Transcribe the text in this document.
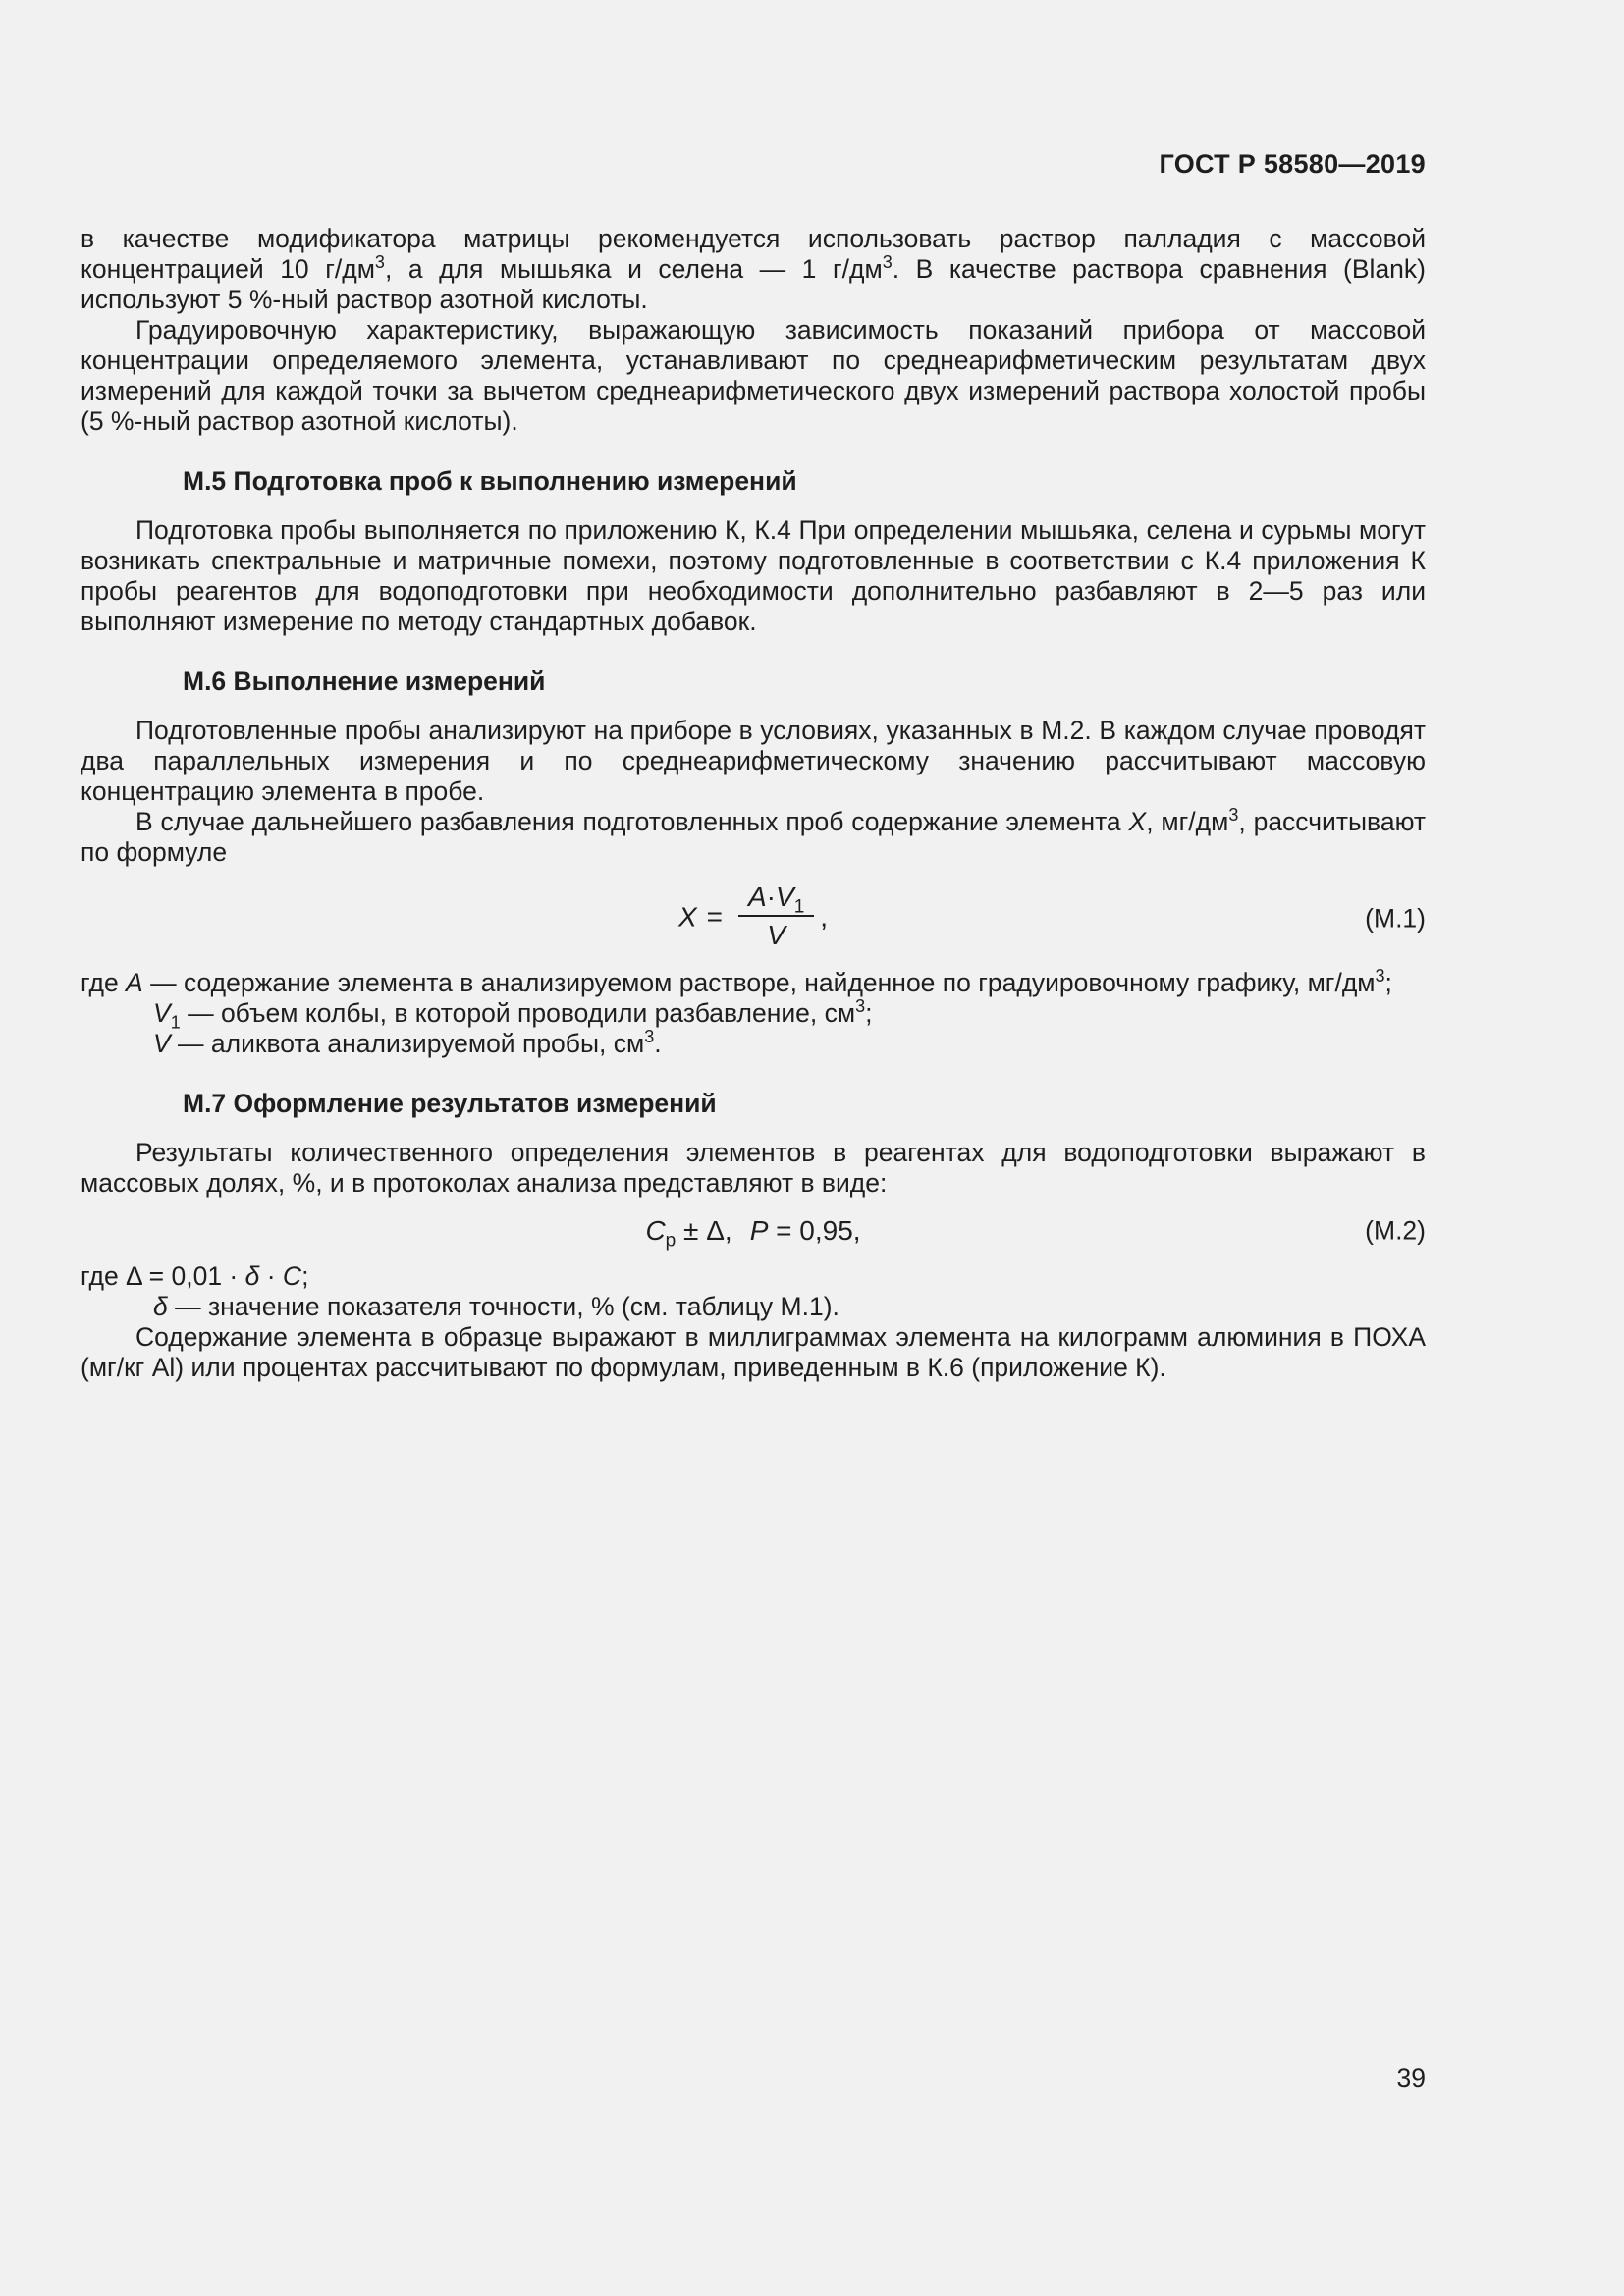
ГОСТ Р 58580—2019

в качестве модификатора матрицы рекомендуется использовать раствор палладия с массовой концентрацией 10 $г/дм^3$, а для мышьяка и селена — 1 $г/дм^3$. В качестве раствора сравнения (Blank) используют 5 %-ный раствор азотной кислоты.

Градуировочную характеристику, выражающую зависимость показаний прибора от массовой концентрации определяемого элемента, устанавливают по среднеарифметическим результатам двух измерений для каждой точки за вычетом среднеарифметического двух измерений раствора холостой пробы (5 %-ный раствор азотной кислоты).

М.5 Подготовка проб к выполнению измерений

Подготовка пробы выполняется по приложению К, К.4 При определении мышьяка, селена и сурьмы могут возникать спектральные и матричные помехи, поэтому подготовленные в соответствии с К.4 приложения К пробы реагентов для водоподготовки при необходимости дополнительно разбавляют в 2—5 раз или выполняют измерение по методу стандартных добавок.

М.6 Выполнение измерений

Подготовленные пробы анализируют на приборе в условиях, указанных в М.2. В каждом случае проводят два параллельных измерения и по среднеарифметическому значению рассчитывают массовую концентрацию элемента в пробе.

В случае дальнейшего разбавления подготовленных проб содержание элемента X, $мг/дм^3$, рассчитывают по формуле

$X = \frac{A\cdot V_1}{V}$ ,	(М.1)

где A — содержание элемента в анализируемом растворе, найденное по градуировочному графику, $мг/дм^3$;

$V_1$ — объем колбы, в которой проводили разбавление, $см^3$;

V — аликвота анализируемой пробы, $см^3$.

М.7 Оформление результатов измерений

Результаты количественного определения элементов в реагентах для водоподготовки выражают в массовых долях, %, и в протоколах анализа представляют в виде:

$C_p \pm \Delta$, P = 0,95,	(М.2)

где Δ = 0,01 · δ · C;

δ — значение показателя точности, % (см. таблицу М.1).

Содержание элемента в образце выражают в миллиграммах элемента на килограмм алюминия в ПОХА (мг/кг Al) или процентах рассчитывают по формулам, приведенным в К.6 (приложение К).

39
